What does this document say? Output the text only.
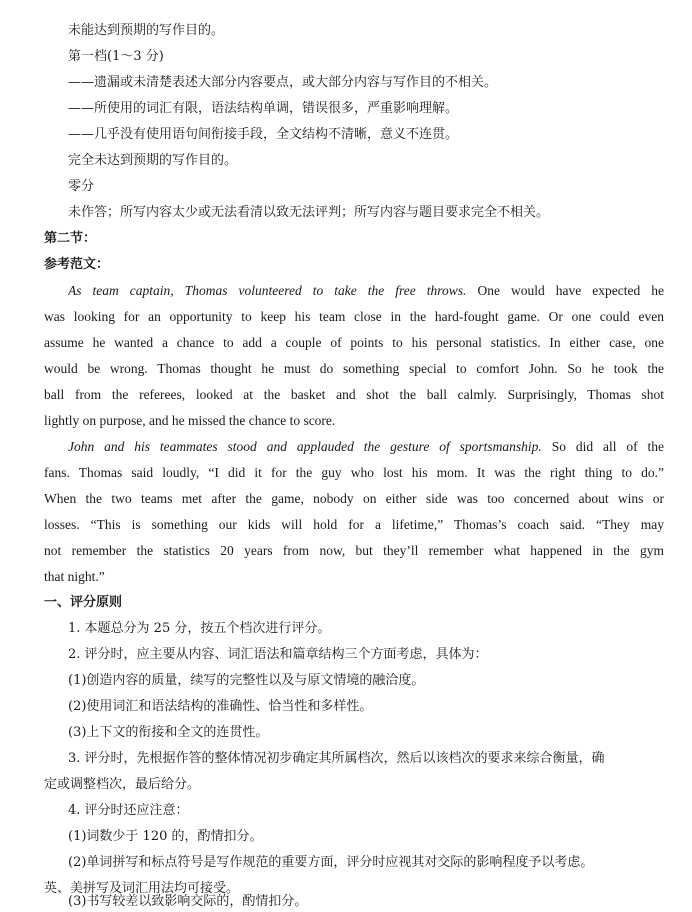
未能达到预期的写作目的。
第一档(1～3 分)
——遗漏或未清楚表述大部分内容要点，或大部分内容与写作目的不相关。
——所使用的词汇有限，语法结构单调，错误很多，严重影响理解。
——几乎没有使用语句间衔接手段，全文结构不清晰，意义不连贯。
完全未达到预期的写作目的。
零分
未作答；所写内容太少或无法看清以致无法评判；所写内容与题目要求完全不相关。
第二节：
参考范文：
As team captain, Thomas volunteered to take the free throws. One would have expected he
was looking for an opportunity to keep his team close in the hard-fought game. Or one could even
assume he wanted a chance to add a couple of points to his personal statistics. In either case, one
would be wrong. Thomas thought he must do something special to comfort John. So he took the
ball from the referees, looked at the basket and shot the ball calmly. Surprisingly, Thomas shot
lightly on purpose, and he missed the chance to score.
John and his teammates stood and applauded the gesture of sportsmanship. So did all of the
fans. Thomas said loudly, “I did it for the guy who lost his mom. It was the right thing to do.”
When the two teams met after the game, nobody on either side was too concerned about wins or
losses. “This is something our kids will hold for a lifetime,” Thomas’s coach said. “They may
not remember the statistics 20 years from now, but they’ll remember what happened in the gym
that night.”
一、评分原则
1. 本题总分为 25 分，按五个档次进行评分。
2. 评分时，应主要从内容、词汇语法和篇章结构三个方面考虑，具体为：
(1)创造内容的质量，续写的完整性以及与原文情境的融洽度。
(2)使用词汇和语法结构的准确性、恰当性和多样性。
(3)上下文的衔接和全文的连贯性。
3. 评分时，先根据作答的整体情况初步确定其所属档次，然后以该档次的要求来综合衡量，确
定或调整档次，最后给分。
4. 评分时还应注意：
(1)词数少于 120 的，酌情扣分。
(2)单词拼写和标点符号是写作规范的重要方面，评分时应视其对交际的影响程度予以考虑。
英、美拼写及词汇用法均可接受。
(3)书写较差以致影响交际的，酌情扣分。
